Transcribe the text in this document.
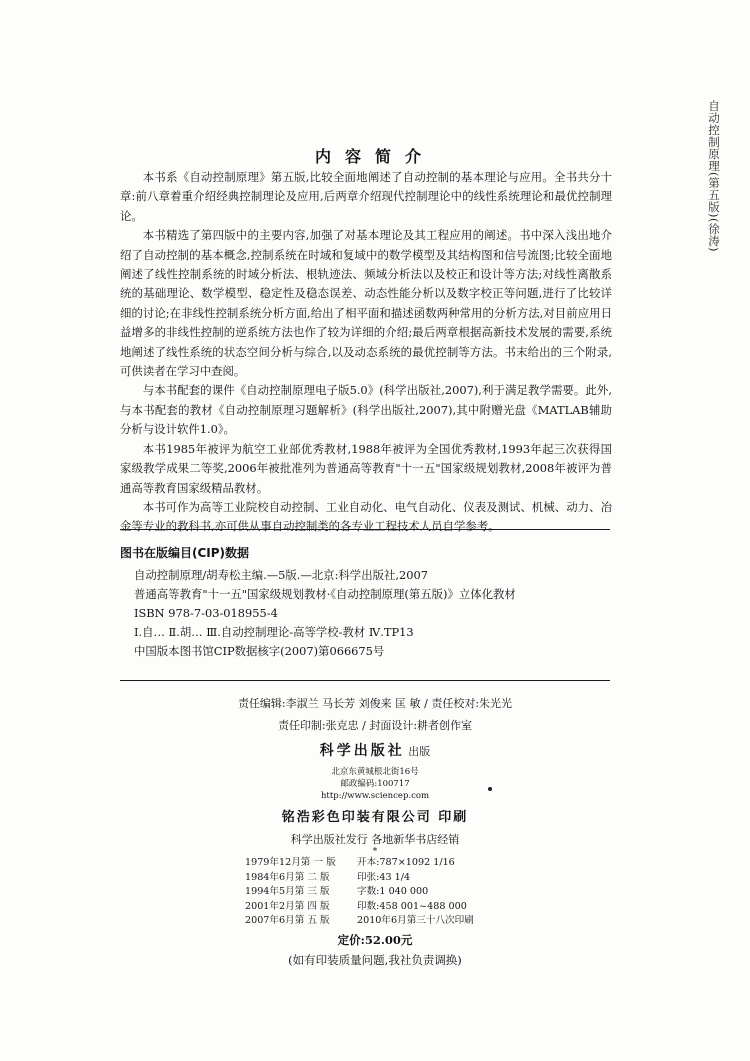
自动控制原理(第五版)(徐涛)
内容简介

本书系《自动控制原理》第五版,比较全面地阐述了自动控制的基本理论与应用。全书共分十章:前八章着重介绍经典控制理论及应用,后两章介绍现代控制理论中的线性系统理论和最优控制理论。

本书精选了第四版中的主要内容,加强了对基本理论及其工程应用的阐述。书中深入浅出地介绍了自动控制的基本概念,控制系统在时域和复域中的数学模型及其结构图和信号流图;比较全面地阐述了线性控制系统的时域分析法、根轨迹法、频域分析法以及校正和设计等方法;对线性离散系统的基础理论、数学模型、稳定性及稳态误差、动态性能分析以及数字校正等问题,进行了比较详细的讨论;在非线性控制系统分析方面,给出了相平面和描述函数两种常用的分析方法,对目前应用日益增多的非线性控制的逆系统方法也作了较为详细的介绍;最后两章根据高新技术发展的需要,系统地阐述了线性系统的状态空间分析与综合,以及动态系统的最优控制等方法。书末给出的三个附录,可供读者在学习中查阅。

与本书配套的课件《自动控制原理电子版5.0》(科学出版社,2007),利于满足教学需要。此外,与本书配套的教材《自动控制原理习题解析》(科学出版社,2007),其中附赠光盘《MATLAB辅助分析与设计软件1.0》。

本书1985年被评为航空工业部优秀教材,1988年被评为全国优秀教材,1993年起三次获得国家级教学成果二等奖,2006年被批准列为普通高等教育"十一五"国家级规划教材,2008年被评为普通高等教育国家级精品教材。

本书可作为高等工业院校自动控制、工业自动化、电气自动化、仪表及测试、机械、动力、冶金等专业的教科书,亦可供从事自动控制类的各专业工程技术人员自学参考。

图书在版编目(CIP)数据
自动控制原理/胡寿松主编.—5版.—北京:科学出版社,2007
普通高等教育"十一五"国家级规划教材·《自动控制原理(第五版)》立体化教材
ISBN 978-7-03-018955-4
Ⅰ.自… Ⅱ.胡… Ⅲ.自动控制理论-高等学校-教材 Ⅳ.TP13
中国版本图书馆CIP数据核字(2007)第066675号
责任编辑:李淑兰 马长芳 刘俊来 匡 敏 / 责任校对:朱光光
责任印制:张克忠 / 封面设计:耕者创作室
科学出版社 出版
北京东黄城根北街16号
邮政编码:100717
http://www.sciencep.com
铭浩彩色印装有限公司 印刷
科学出版社发行 各地新华书店经销
*
1979年12月第 一 版	开本:787×1092 1/16
1984年6月第 二 版	印张:43 1/4
1994年5月第 三 版	字数:1 040 000
2001年2月第 四 版	印数:458 001~488 000
2007年6月第 五 版	2010年6月第三十八次印刷
定价:52.00元
(如有印装质量问题,我社负责调换)
